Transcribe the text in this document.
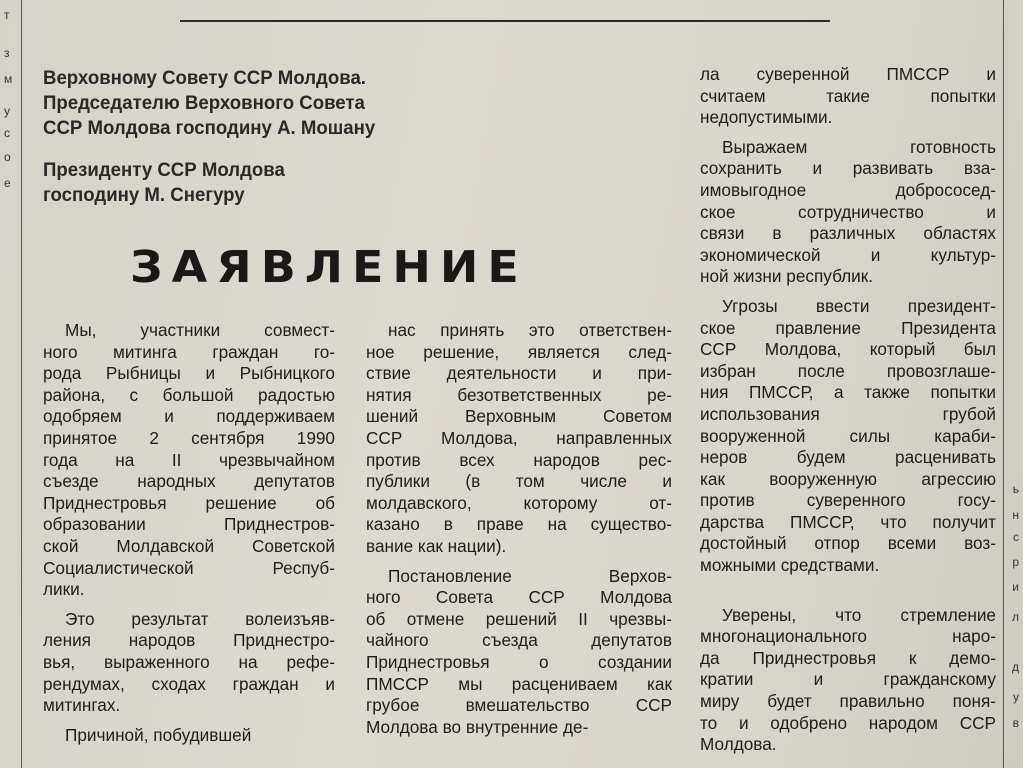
т
з
м
у
с
о
е
ь
н
с
р
и
л
д
у
в
Верховному Совету ССР Молдова.
Председателю Верховного Совета
ССР Молдова господину А. Мошану
Президенту ССР Молдова
господину М. Снегуру
ЗАЯВЛЕНИЕ

Мы, участники совмест-
ного митинга граждан го-
рода Рыбницы и Рыбницкого
района, с большой радостью
одобряем и поддерживаем
принятое 2 сентября 1990
года на II чрезвычайном
съезде народных депутатов
Приднестровья решение об
образовании Приднестров-
ской Молдавской Советской
Социалистической Респуб-
лики.

Это результат волеизъяв-
ления народов Приднестро-
вья, выраженного на рефе-
рендумах, сходах граждан и
митингах.

Причиной, побудившей

нас принять это ответствен-
ное решение, является след-
ствие деятельности и при-
нятия безответственных ре-
шений Верховным Советом
ССР Молдова, направленных
против всех народов рес-
публики (в том числе и
молдавского, которому от-
казано в праве на существо-
вание как нации).

Постановление Верхов-
ного Совета ССР Молдова
об отмене решений II чрезвы-
чайного съезда депутатов
Приднестровья о создании
ПМССР мы расцениваем как
грубое вмешательство ССР
Молдова во внутренние де-

ла суверенной ПМССР и
считаем такие попытки
недопустимыми.

Выражаем готовность
сохранить и развивать вза-
имовыгодное добрососед-
ское сотрудничество и
связи в различных областях
экономической и культур-
ной жизни республик.

Угрозы ввести президент-
ское правление Президента
ССР Молдова, который был
избран после провозглаше-
ния ПМССР, а также попытки
использования грубой
вооруженной силы караби-
неров будем расценивать
как вооруженную агрессию
против суверенного госу-
дарства ПМССР, что получит
достойный отпор всеми воз-
можными средствами.

Уверены, что стремление
многонационального наро-
да Приднестровья к демо-
кратии и гражданскому
миру будет правильно поня-
то и одобрено народом ССР
Молдова.
